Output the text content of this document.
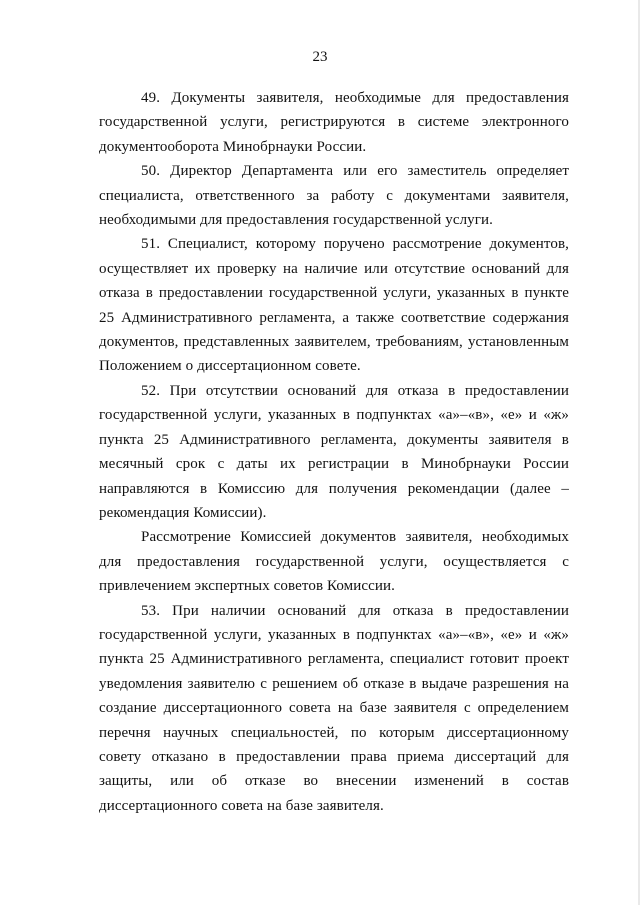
23

49. Документы заявителя, необходимые для предоставления государственной услуги, регистрируются в системе электронного документооборота Минобрнауки России.

50. Директор Департамента или его заместитель определяет специалиста, ответственного за работу с документами заявителя, необходимыми для предоставления государственной услуги.

51. Специалист, которому поручено рассмотрение документов, осуществляет их проверку на наличие или отсутствие оснований для отказа в предоставлении государственной услуги, указанных в пункте 25 Административного регламента, а также соответствие содержания документов, представленных заявителем, требованиям, установленным Положением о диссертационном совете.

52. При отсутствии оснований для отказа в предоставлении государственной услуги, указанных в подпунктах «а»–«в», «е» и «ж» пункта 25 Административного регламента, документы заявителя в месячный срок с даты их регистрации в Минобрнауки России направляются в Комиссию для получения рекомендации (далее – рекомендация Комиссии).

Рассмотрение Комиссией документов заявителя, необходимых для предоставления государственной услуги, осуществляется с привлечением экспертных советов Комиссии.

53. При наличии оснований для отказа в предоставлении государственной услуги, указанных в подпунктах «а»–«в», «е» и «ж» пункта 25 Административного регламента, специалист готовит проект уведомления заявителю с решением об отказе в выдаче разрешения на создание диссертационного совета на базе заявителя с определением перечня научных специальностей, по которым диссертационному совету отказано в предоставлении права приема диссертаций для защиты, или об отказе во внесении изменений в состав диссертационного совета на базе заявителя.
